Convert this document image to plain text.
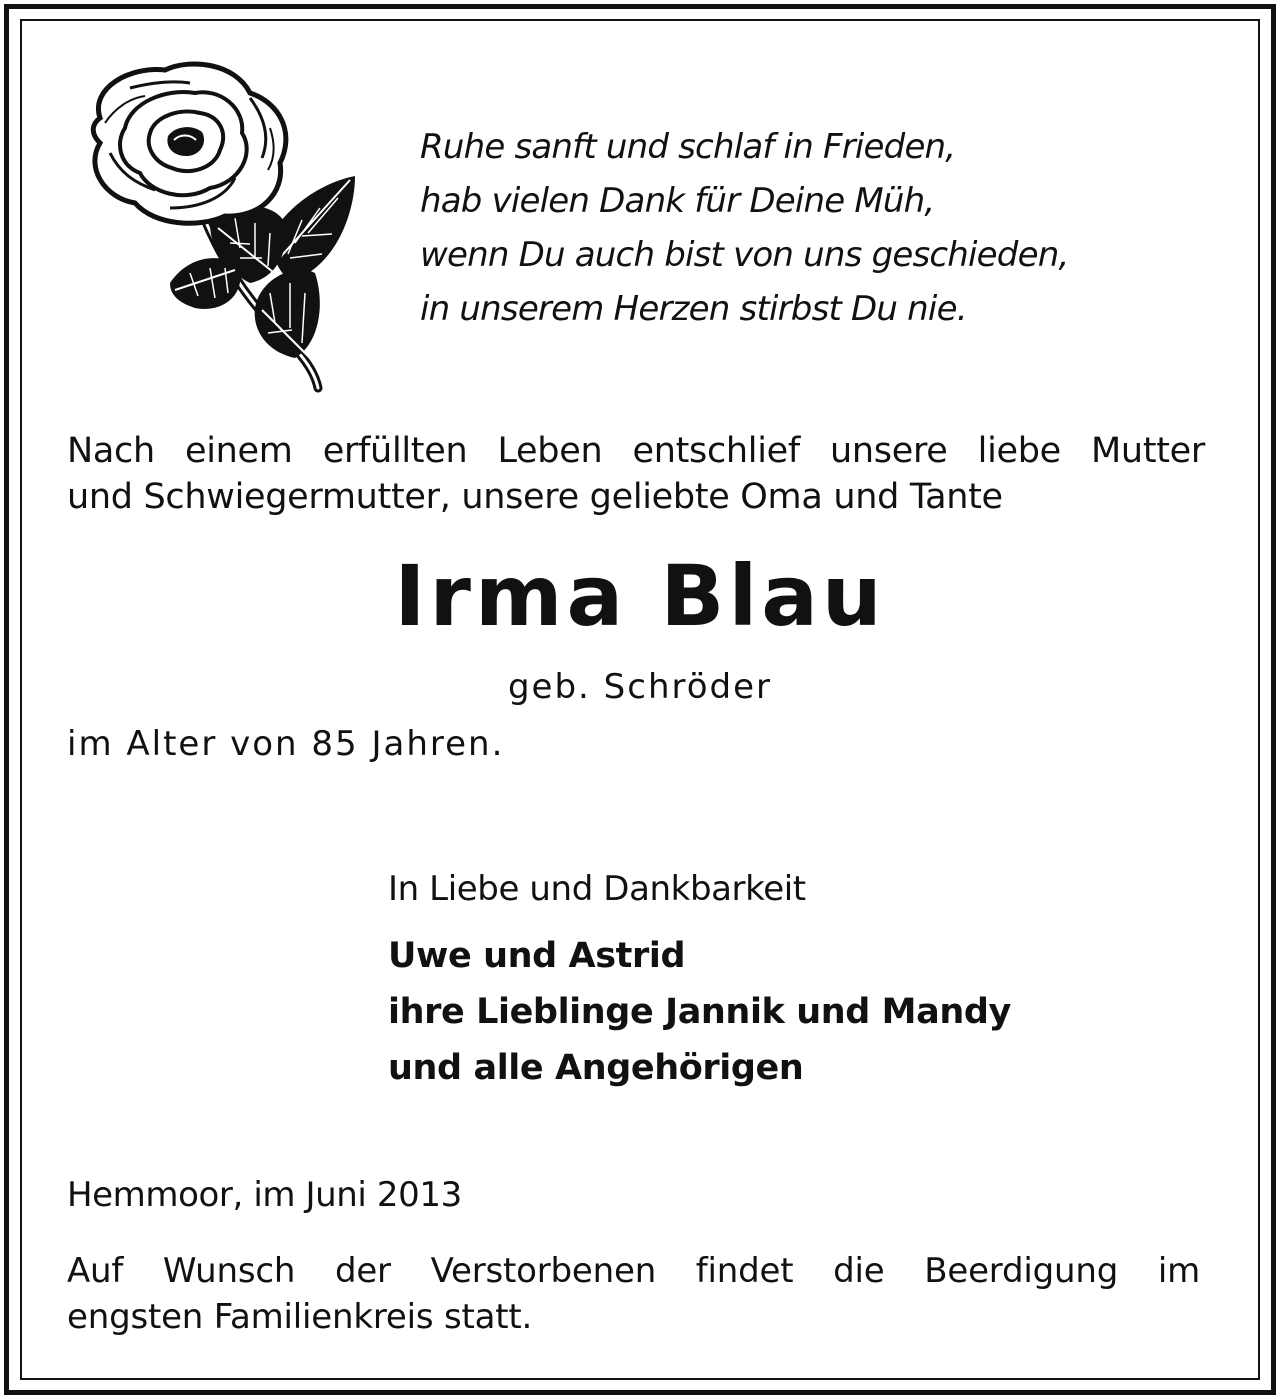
Ruhe sanft und schlaf in Frieden,
hab vielen Dank für Deine Müh,
wenn Du auch bist von uns geschieden,
in unserem Herzen stirbst Du nie.
Nach einem erfüllten Leben entschlief unsere liebe Mutter
und Schwiegermutter, unsere geliebte Oma und Tante
Irma Blau
geb. Schröder
im Alter von 85 Jahren.
In Liebe und Dankbarkeit
Uwe und Astrid
ihre Lieblinge Jannik und Mandy
und alle Angehörigen
Hemmoor, im Juni 2013
Auf Wunsch der Verstorbenen findet die Beerdigung im
engsten Familienkreis statt.
